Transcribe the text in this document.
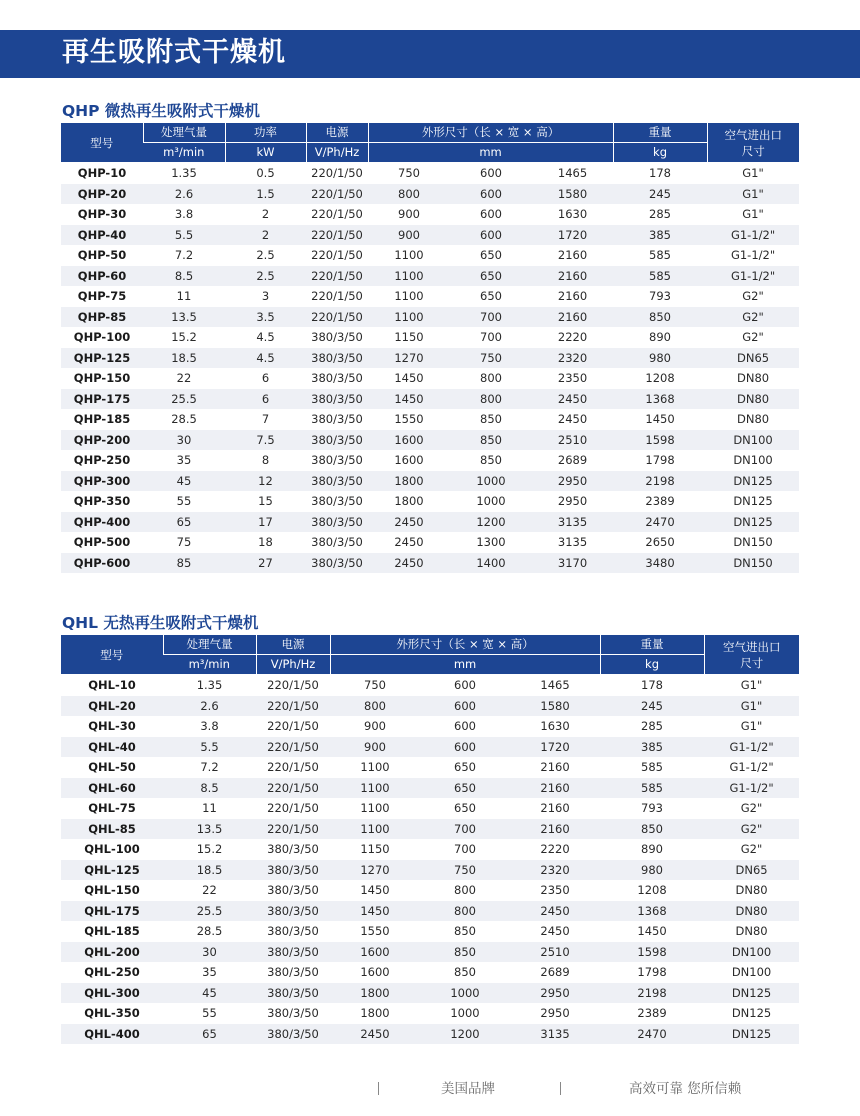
再生吸附式干燥机
QHP 微热再生吸附式干燥机
型号	处理气量	功率	电源	外形尺寸（长 × 宽 × 高）			重量	空气进出口尺寸
	m³/min	kW	V/Ph/Hz	mm			kg	
QHP-10	1.35	0.5	220/1/50	750	600	1465	178	G1"
QHP-20	2.6	1.5	220/1/50	800	600	1580	245	G1"
QHP-30	3.8	2	220/1/50	900	600	1630	285	G1"
QHP-40	5.5	2	220/1/50	900	600	1720	385	G1-1/2"
QHP-50	7.2	2.5	220/1/50	1100	650	2160	585	G1-1/2"
QHP-60	8.5	2.5	220/1/50	1100	650	2160	585	G1-1/2"
QHP-75	11	3	220/1/50	1100	650	2160	793	G2"
QHP-85	13.5	3.5	220/1/50	1100	700	2160	850	G2"
QHP-100	15.2	4.5	380/3/50	1150	700	2220	890	G2"
QHP-125	18.5	4.5	380/3/50	1270	750	2320	980	DN65
QHP-150	22	6	380/3/50	1450	800	2350	1208	DN80
QHP-175	25.5	6	380/3/50	1450	800	2450	1368	DN80
QHP-185	28.5	7	380/3/50	1550	850	2450	1450	DN80
QHP-200	30	7.5	380/3/50	1600	850	2510	1598	DN100
QHP-250	35	8	380/3/50	1600	850	2689	1798	DN100
QHP-300	45	12	380/3/50	1800	1000	2950	2198	DN125
QHP-350	55	15	380/3/50	1800	1000	2950	2389	DN125
QHP-400	65	17	380/3/50	2450	1200	3135	2470	DN125
QHP-500	75	18	380/3/50	2450	1300	3135	2650	DN150
QHP-600	85	27	380/3/50	2450	1400	3170	3480	DN150
QHL 无热再生吸附式干燥机
型号	处理气量	电源	外形尺寸（长 × 宽 × 高）			重量	空气进出口尺寸
	m³/min	V/Ph/Hz	mm			kg	
QHL-10	1.35	220/1/50	750	600	1465	178	G1"
QHL-20	2.6	220/1/50	800	600	1580	245	G1"
QHL-30	3.8	220/1/50	900	600	1630	285	G1"
QHL-40	5.5	220/1/50	900	600	1720	385	G1-1/2"
QHL-50	7.2	220/1/50	1100	650	2160	585	G1-1/2"
QHL-60	8.5	220/1/50	1100	650	2160	585	G1-1/2"
QHL-75	11	220/1/50	1100	650	2160	793	G2"
QHL-85	13.5	220/1/50	1100	700	2160	850	G2"
QHL-100	15.2	380/3/50	1150	700	2220	890	G2"
QHL-125	18.5	380/3/50	1270	750	2320	980	DN65
QHL-150	22	380/3/50	1450	800	2350	1208	DN80
QHL-175	25.5	380/3/50	1450	800	2450	1368	DN80
QHL-185	28.5	380/3/50	1550	850	2450	1450	DN80
QHL-200	30	380/3/50	1600	850	2510	1598	DN100
QHL-250	35	380/3/50	1600	850	2689	1798	DN100
QHL-300	45	380/3/50	1800	1000	2950	2198	DN125
QHL-350	55	380/3/50	1800	1000	2950	2389	DN125
QHL-400	65	380/3/50	2450	1200	3135	2470	DN125
美国品牌	高效可靠 您所信赖
